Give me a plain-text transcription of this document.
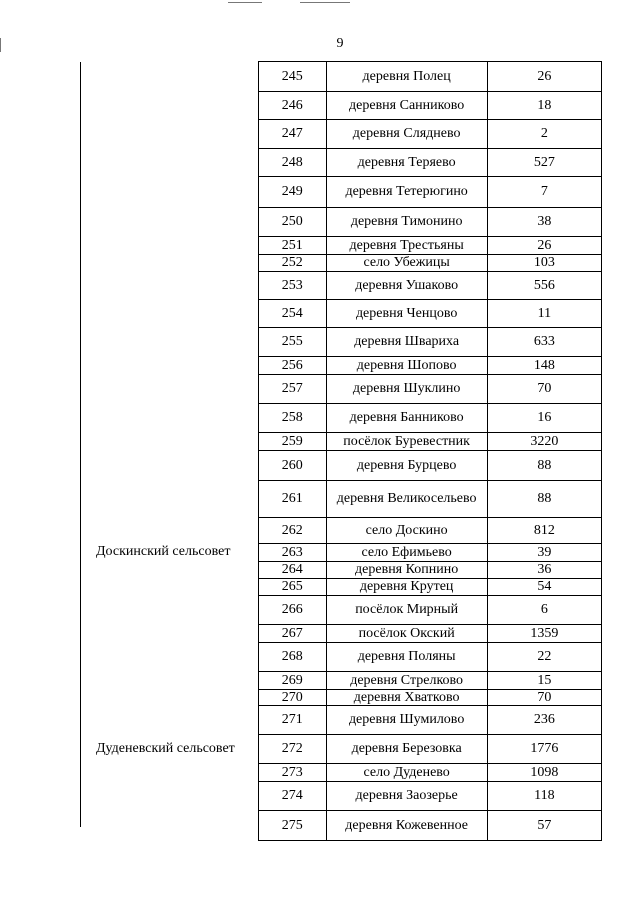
9
Доскинский сельсовет
Дуденевский сельсовет
245	деревня Полец	26
246	деревня Санниково	18
247	деревня Сляднево	2
248	деревня Теряево	527
249	деревня Тетерюгино	7
250	деревня Тимонино	38
251	деревня Трестьяны	26
252	село Убежицы	103
253	деревня Ушаково	556
254	деревня Ченцово	11
255	деревня Швариха	633
256	деревня Шопово	148
257	деревня Шуклино	70
258	деревня Банниково	16
259	посёлок Буревестник	3220
260	деревня Бурцево	88
261	деревня Великосельево	88
262	село Доскино	812
263	село Ефимьево	39
264	деревня Копнино	36
265	деревня Крутец	54
266	посёлок Мирный	6
267	посёлок Окский	1359
268	деревня Поляны	22
269	деревня Стрелково	15
270	деревня Хватково	70
271	деревня Шумилово	236
272	деревня Березовка	1776
273	село Дуденево	1098
274	деревня Заозерье	118
275	деревня Кожевенное	57
